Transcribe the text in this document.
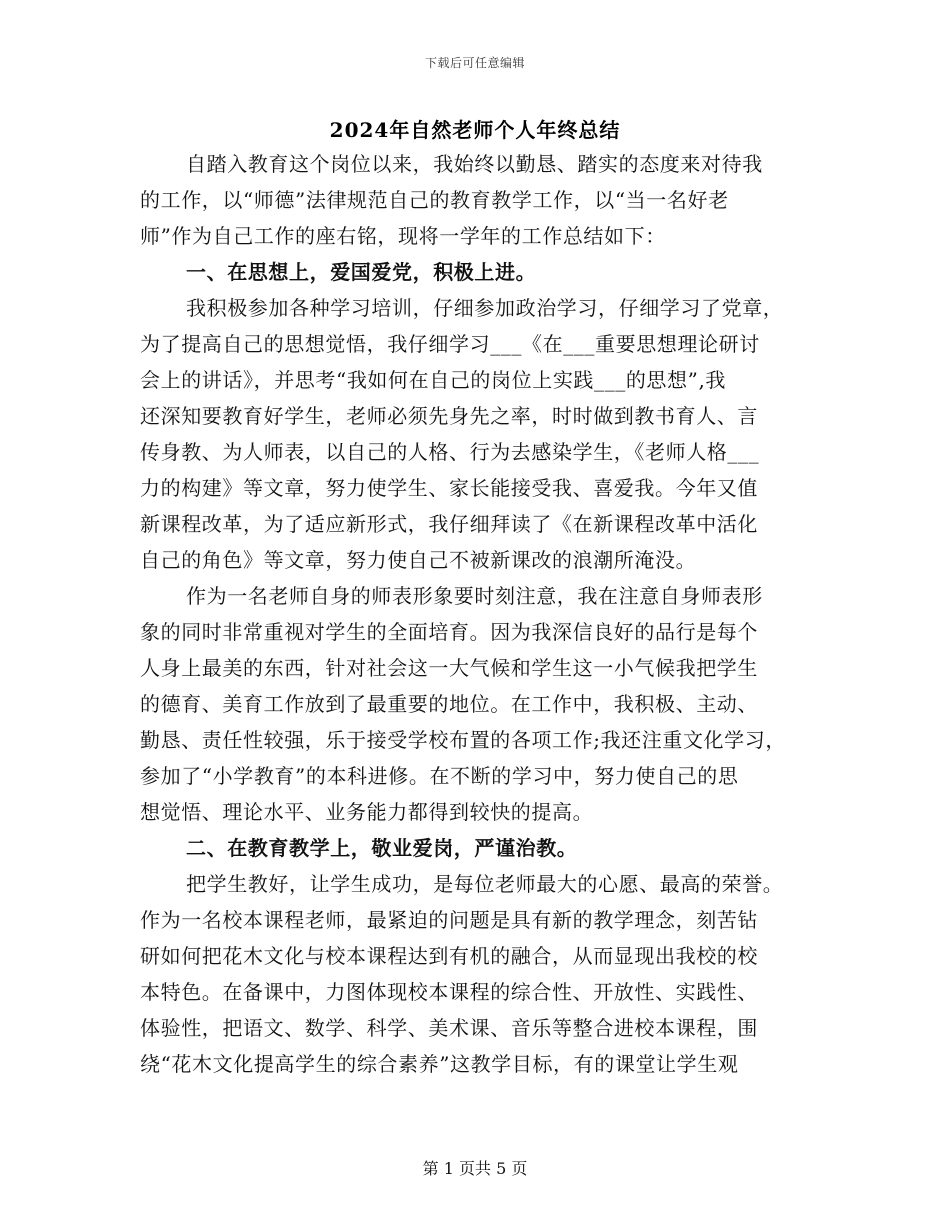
下载后可任意编辑
2024年自然老师个人年终总结
自踏入教育这个岗位以来，我始终以勤恳、踏实的态度来对待我
的工作，以“师德”法律规范自己的教育教学工作，以“当一名好老
师”作为自己工作的座右铭，现将一学年的工作总结如下：
一、在思想上，爱国爱党，积极上进。
我积极参加各种学习培训，仔细参加政治学习，仔细学习了党章，
为了提高自己的思想觉悟，我仔细学习___《在___重要思想理论研讨
会上的讲话》，并思考“我如何在自己的岗位上实践___的思想”,我
还深知要教育好学生，老师必须先身先之率，时时做到教书育人、言
传身教、为人师表，以自己的人格、行为去感染学生，《老师人格___
力的构建》等文章，努力使学生、家长能接受我、喜爱我。今年又值
新课程改革，为了适应新形式，我仔细拜读了《在新课程改革中活化
自己的角色》等文章，努力使自己不被新课改的浪潮所淹没。
作为一名老师自身的师表形象要时刻注意，我在注意自身师表形
象的同时非常重视对学生的全面培育。因为我深信良好的品行是每个
人身上最美的东西，针对社会这一大气候和学生这一小气候我把学生
的德育、美育工作放到了最重要的地位。在工作中，我积极、主动、
勤恳、责任性较强，乐于接受学校布置的各项工作;我还注重文化学习，
参加了“小学教育”的本科进修。在不断的学习中，努力使自己的思
想觉悟、理论水平、业务能力都得到较快的提高。
二、在教育教学上，敬业爱岗，严谨治教。
把学生教好，让学生成功，是每位老师最大的心愿、最高的荣誉。
作为一名校本课程老师，最紧迫的问题是具有新的教学理念，刻苦钻
研如何把花木文化与校本课程达到有机的融合，从而显现出我校的校
本特色。在备课中，力图体现校本课程的综合性、开放性、实践性、
体验性，把语文、数学、科学、美术课、音乐等整合进校本课程，围
绕“花木文化提高学生的综合素养”这教学目标，有的课堂让学生观
第 1 页共 5 页
